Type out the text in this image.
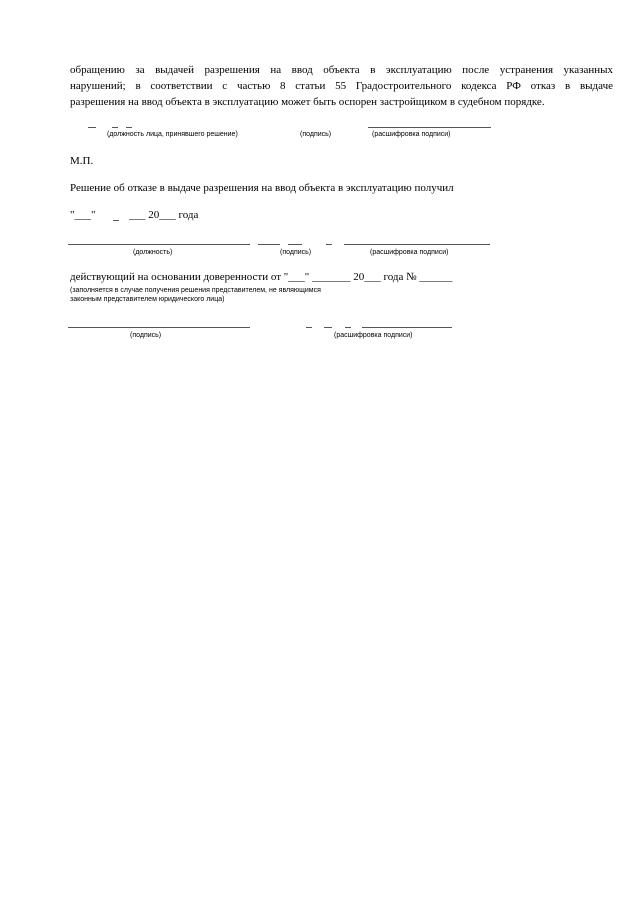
обращению за выдачей разрешения на ввод объекта в эксплуатацию после устранения указанных
нарушений; в соответствии с частью 8 статьи 55 Градостроительного кодекса РФ отказ в выдаче
разрешения на ввод объекта в эксплуатацию может быть оспорен застройщиком в судебном порядке.
(должность лица, принявшего решение)	(подпись)	(расшифровка подписи)
М.П.
Решение об отказе в выдаче разрешения на ввод объекта в эксплуатацию получил
"___"	___ 20___ года
(должность)	(подпись)	(расшифровка подписи)
действующий на основании доверенности от "___" _______ 20___ года № ______
(заполняется в случае получения решения представителем, не являющимся
законным представителем юридического лица)
(подпись)	(расшифровка подписи)
